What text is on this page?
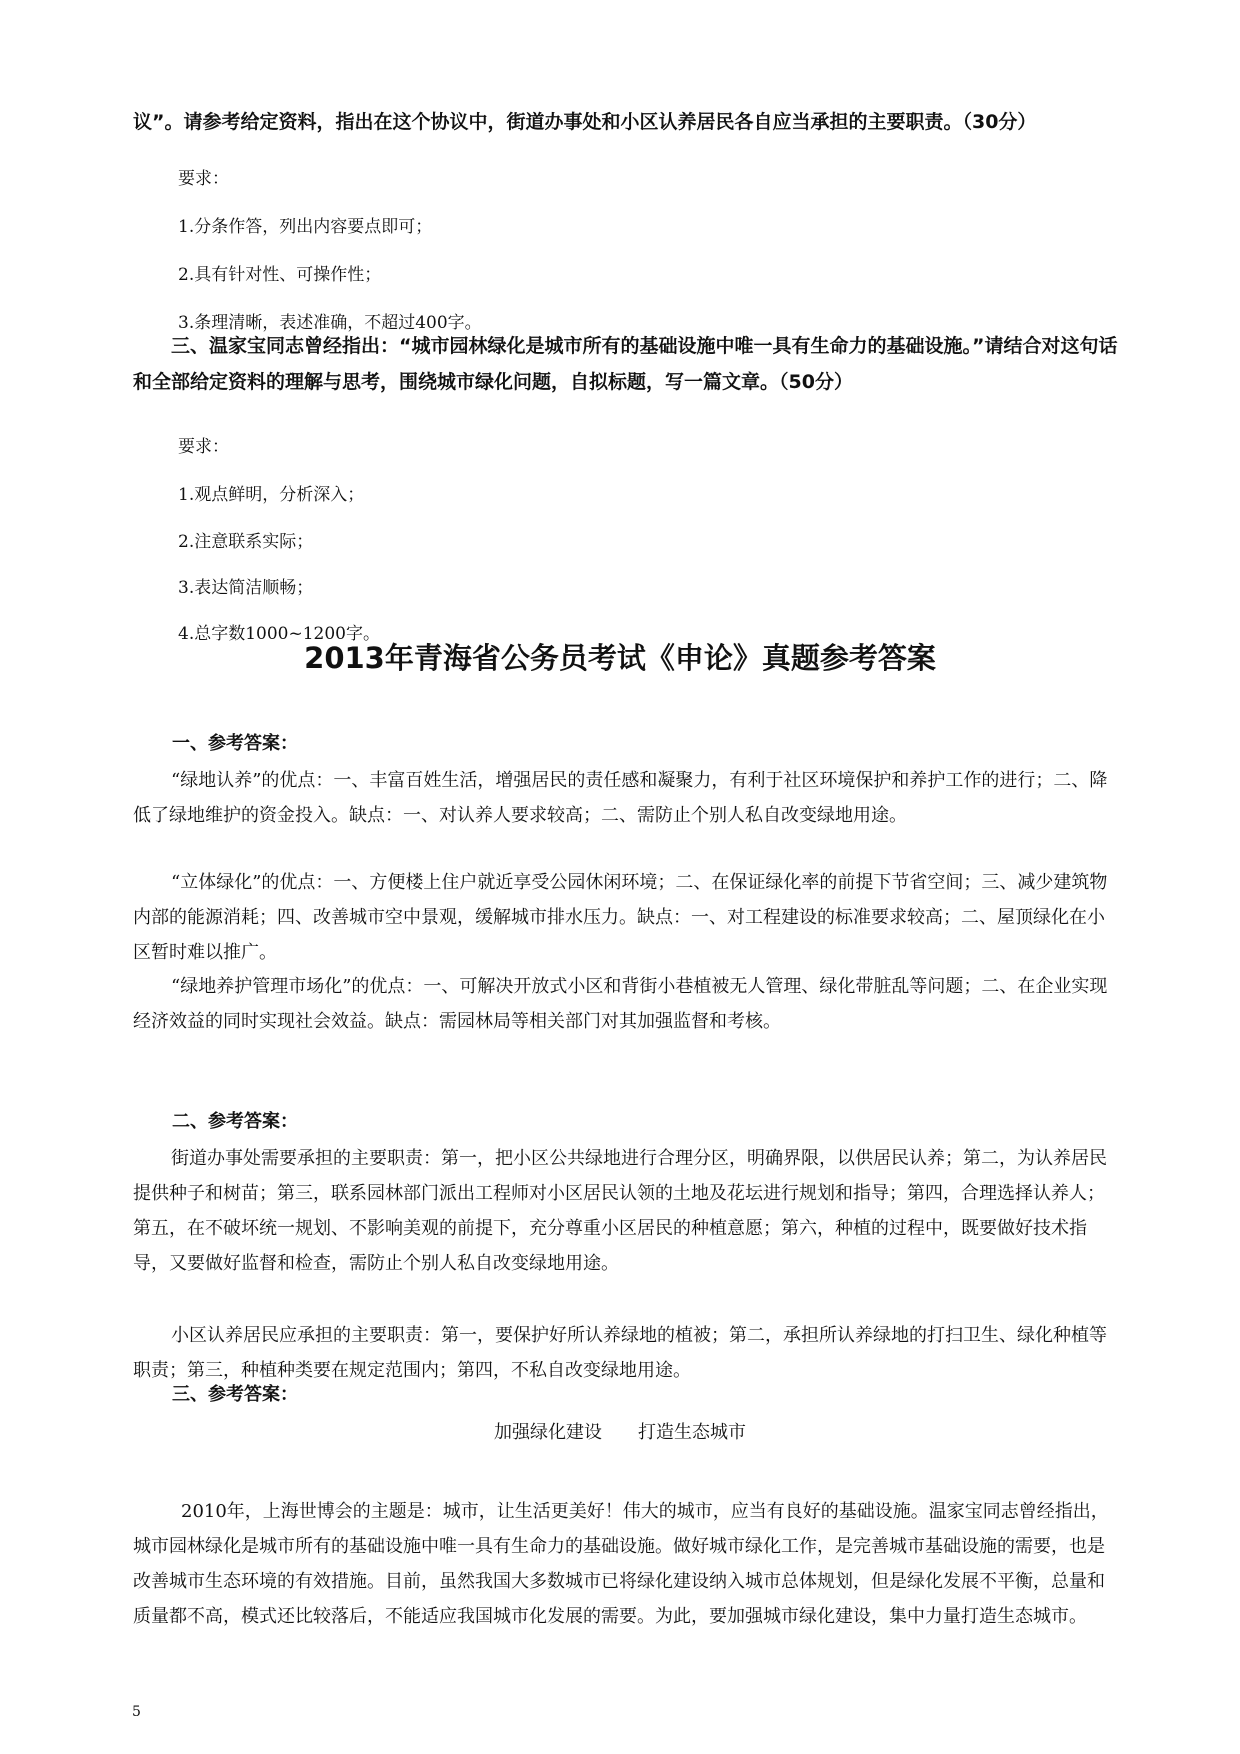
议”。请参考给定资料，指出在这个协议中，街道办事处和小区认养居民各自应当承担的主要职责。（30分）

要求：
1.分条作答，列出内容要点即可；
2.具有针对性、可操作性；
3.条理清晰，表述准确，不超过400字。

三、温家宝同志曾经指出：“城市园林绿化是城市所有的基础设施中唯一具有生命力的基础设施。”请结合对这句话和全部给定资料的理解与思考，围绕城市绿化问题，自拟标题，写一篇文章。（50分）

要求：
1.观点鲜明，分析深入；
2.注意联系实际；
3.表达简洁顺畅；
4.总字数1000~1200字。
2013年青海省公务员考试《申论》真题参考答案
一、参考答案：

“绿地认养”的优点：一、丰富百姓生活，增强居民的责任感和凝聚力，有利于社区环境保护和养护工作的进行；二、降低了绿地维护的资金投入。缺点：一、对认养人要求较高；二、需防止个别人私自改变绿地用途。

“立体绿化”的优点：一、方便楼上住户就近享受公园休闲环境；二、在保证绿化率的前提下节省空间；三、减少建筑物内部的能源消耗；四、改善城市空中景观，缓解城市排水压力。缺点：一、对工程建设的标准要求较高；二、屋顶绿化在小区暂时难以推广。

“绿地养护管理市场化”的优点：一、可解决开放式小区和背街小巷植被无人管理、绿化带脏乱等问题；二、在企业实现经济效益的同时实现社会效益。缺点：需园林局等相关部门对其加强监督和考核。

二、参考答案：

街道办事处需要承担的主要职责：第一，把小区公共绿地进行合理分区，明确界限，以供居民认养；第二，为认养居民提供种子和树苗；第三，联系园林部门派出工程师对小区居民认领的土地及花坛进行规划和指导；第四，合理选择认养人；第五，在不破坏统一规划、不影响美观的前提下，充分尊重小区居民的种植意愿；第六，种植的过程中，既要做好技术指导，又要做好监督和检查，需防止个别人私自改变绿地用途。

小区认养居民应承担的主要职责：第一，要保护好所认养绿地的植被；第二，承担所认养绿地的打扫卫生、绿化种植等职责；第三，种植种类要在规定范围内；第四，不私自改变绿地用途。

三、参考答案：
加强绿化建设　　打造生态城市

2010年，上海世博会的主题是：城市，让生活更美好！伟大的城市，应当有良好的基础设施。温家宝同志曾经指出，城市园林绿化是城市所有的基础设施中唯一具有生命力的基础设施。做好城市绿化工作，是完善城市基础设施的需要，也是改善城市生态环境的有效措施。目前，虽然我国大多数城市已将绿化建设纳入城市总体规划，但是绿化发展不平衡，总量和质量都不高，模式还比较落后，不能适应我国城市化发展的需要。为此，要加强城市绿化建设，集中力量打造生态城市。

5
